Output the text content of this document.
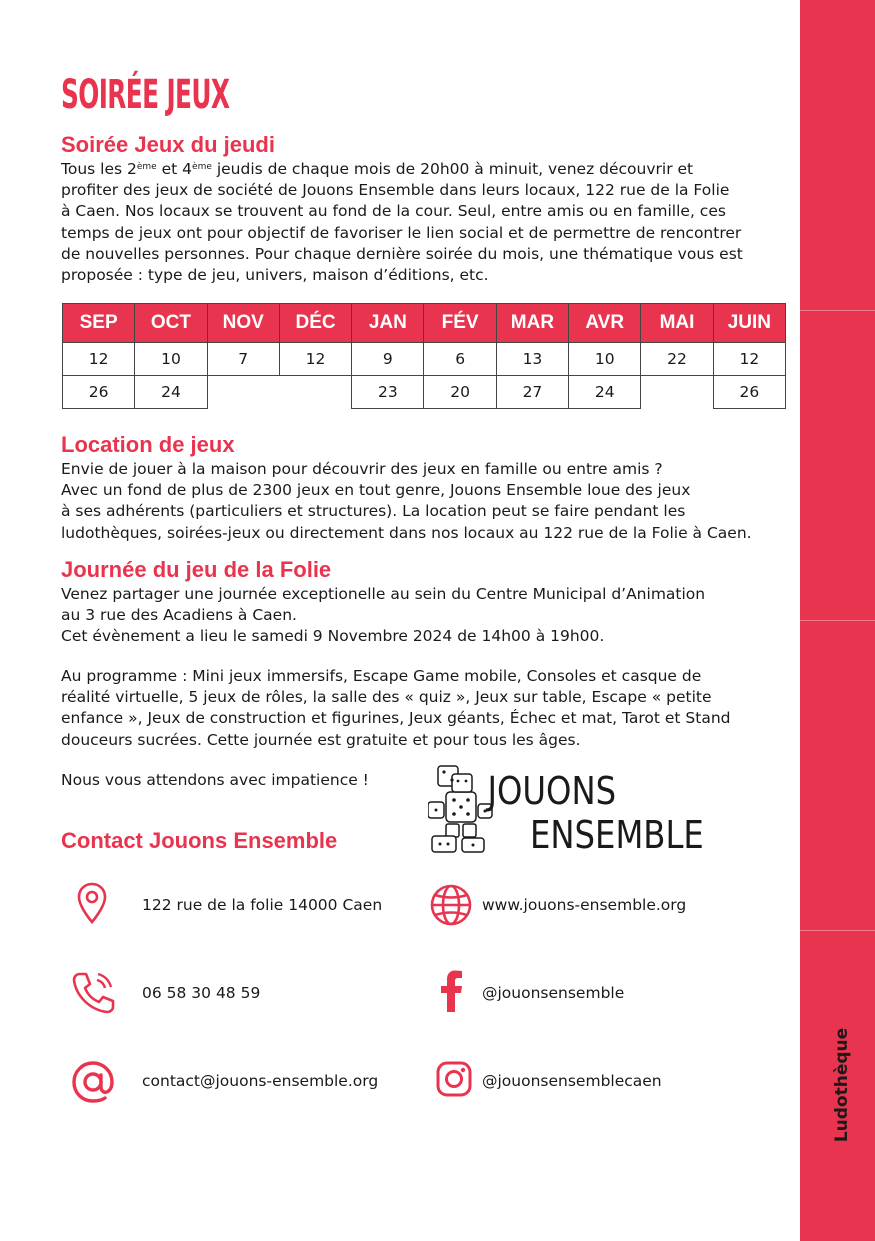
Ludothèque
SOIRÉE JEUX
Soirée Jeux du jeudi
Tous les 2ème et 4ème jeudis de chaque mois de 20h00 à minuit, venez découvrir et
profiter des jeux de société de Jouons Ensemble dans leurs locaux, 122 rue de la Folie
à Caen. Nos locaux se trouvent au fond de la cour. Seul, entre amis ou en famille, ces
temps de jeux ont pour objectif de favoriser le lien social et de permettre de rencontrer
de nouvelles personnes. Pour chaque dernière soirée du mois, une thématique vous est
proposée : type de jeu, univers, maison d’éditions, etc.
SEP	OCT	NOV	DÉC	JAN	FÉV	MAR	AVR	MAI	JUIN
12	10	7	12	9	6	13	10	22	12
26	24			23	20	27	24		26
Location de jeux
Envie de jouer à la maison pour découvrir des jeux en famille ou entre amis ?
Avec un fond de plus de 2300 jeux en tout genre, Jouons Ensemble loue des jeux
à ses adhérents (particuliers et structures). La location peut se faire pendant les
ludothèques, soirées-jeux ou directement dans nos locaux au 122 rue de la Folie à Caen.
Journée du jeu de la Folie
Venez partager une journée exceptionelle au sein du Centre Municipal d’Animation
au 3 rue des Acadiens à Caen.
Cet évènement a lieu le samedi 9 Novembre 2024 de 14h00 à 19h00.
Au programme : Mini jeux immersifs, Escape Game mobile, Consoles et casque de
réalité virtuelle, 5 jeux de rôles, la salle des « quiz », Jeux sur table, Escape « petite
enfance », Jeux de construction et figurines, Jeux géants, Échec et mat, Tarot et Stand
douceurs sucrées. Cette journée est gratuite et pour tous les âges.
Nous vous attendons avec impatience !	JOUONS
ENSEMBLE
Contact Jouons Ensemble
122 rue de la folie 14000 Caen	www.jouons-ensemble.org
06 58 30 48 59	@jouonsensemble
contact@jouons-ensemble.org	@jouonsensemblecaen
